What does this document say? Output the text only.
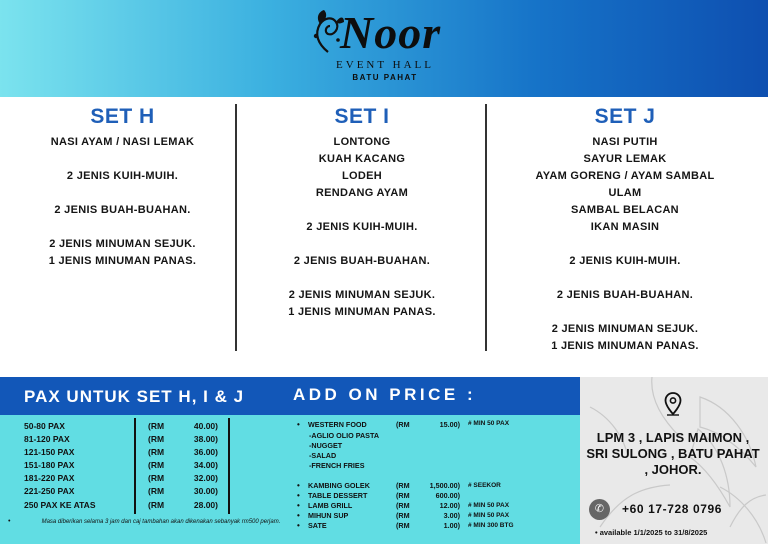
Noor
EVENT HALL
BATU PAHAT
SET H
NASI AYAM / NASI LEMAK
2 JENIS KUIH-MUIH.
2 JENIS BUAH-BUAHAN.
2 JENIS MINUMAN SEJUK.
1 JENIS MINUMAN PANAS.
SET I
LONTONG
KUAH KACANG
LODEH
RENDANG AYAM
2 JENIS KUIH-MUIH.
2 JENIS BUAH-BUAHAN.
2 JENIS MINUMAN SEJUK.
1 JENIS MINUMAN PANAS.
SET J
NASI PUTIH
SAYUR LEMAK
AYAM GORENG / AYAM SAMBAL
ULAM
SAMBAL BELACAN
IKAN MASIN
2 JENIS KUIH-MUIH.
2 JENIS BUAH-BUAHAN.
2 JENIS MINUMAN SEJUK.
1 JENIS MINUMAN PANAS.
PAX UNTUK SET H, I & J	ADD ON PRICE :
50-80 PAX	(RM	40.00)
81-120 PAX	(RM	38.00)
121-150 PAX	(RM	36.00)
151-180 PAX	(RM	34.00)
181-220 PAX	(RM	32.00)
221-250 PAX	(RM	30.00)
250 PAX KE ATAS	(RM	28.00)
•	Masa diberikan selama 3 jam dan caj tambahan akan dikenakan sebanyak rm500 perjam.
• WESTERN FOOD	(RM	15.00) # MIN 50 PAX
-AGLIO OLIO PASTA
-NUGGET
-SALAD
-FRENCH FRIES
• KAMBING GOLEK	(RM	1,500.00) # SEEKOR
• TABLE DESSERT	(RM	600.00)
• LAMB GRILL	(RM	12.00) # MIN 50 PAX
• MIHUN SUP	(RM	3.00) # MIN 50 PAX
• SATE	(RM	1.00) # MIN 300 BTG
LPM 3 , LAPIS MAIMON , SRI SULONG , BATU PAHAT , JOHOR.
✆	+60 17-728 0796
• available 1/1/2025 to 31/8/2025
